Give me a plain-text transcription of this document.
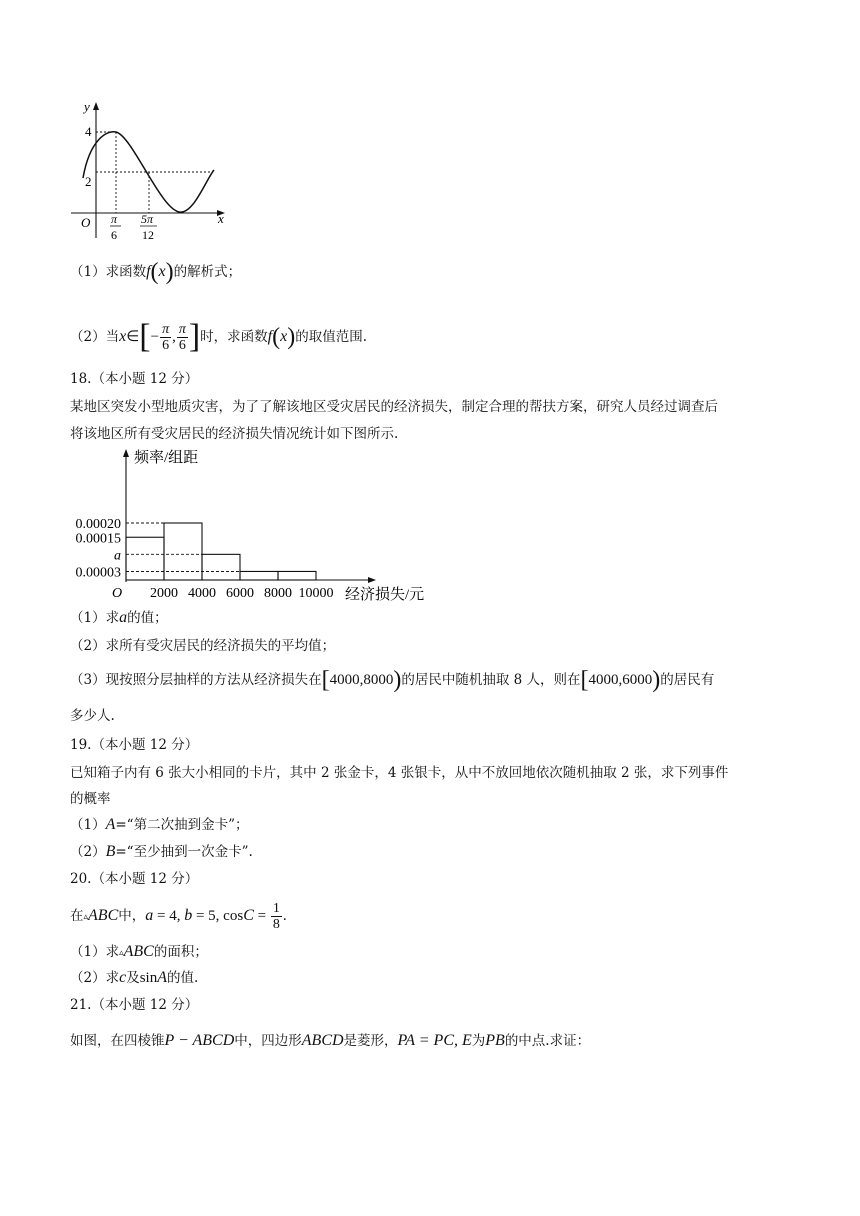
y
x
O
4
2
π
6
5π
12
（1）求函数f(x)的解析式；
（2）当x∈[− $\frac{\pi}{6}$ , $\frac{\pi}{6}$ ]时，求函数f(x)的取值范围.
18.（本小题 12 分）
某地区突发小型地质灾害，为了了解该地区受灾居民的经济损失，制定合理的帮扶方案，研究人员经过调查后
将该地区所有受灾居民的经济损失情况统计如下图所示.
频率/组距
经济损失/元
O
0.00020
0.00015
a
0.00003
2000 4000 6000 8000 10000
（1）求a的值；
（2）求所有受灾居民的经济损失的平均值；
（3）现按照分层抽样的方法从经济损失在[4000,8000)的居民中随机抽取 8 人，则在[4000,6000)的居民有
多少人.
19.（本小题 12 分）
已知箱子内有 6 张大小相同的卡片，其中 2 张金卡，4 张银卡，从中不放回地依次随机抽取 2 张，求下列事件
的概率
（1）A=“第二次抽到金卡”；
（2）B=“至少抽到一次金卡”.
20.（本小题 12 分）
在▵ABC中，a = 4, b = 5, $\cos C = \frac{1}{8}$ .
（1）求▵ABC的面积；
（2）求c及sinA的值.
21.（本小题 12 分）
如图，在四棱锥P − ABCD中，四边形ABCD是菱形，PA = PC, E为PB的中点.求证：
